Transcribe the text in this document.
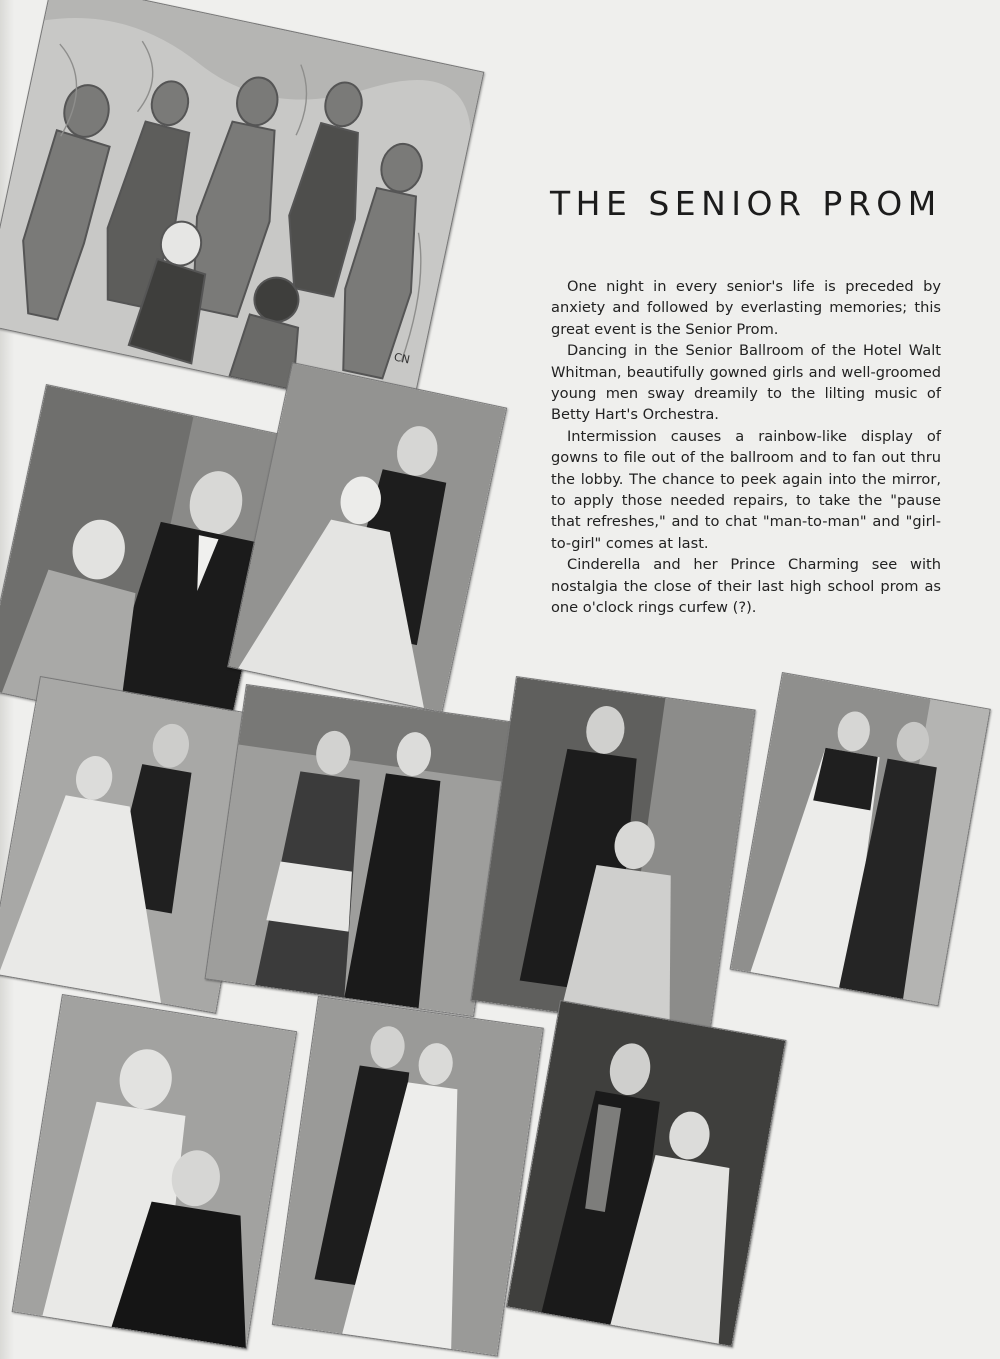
CN
THE SENIOR PROM

One night in every senior's life is preceded by anxiety and followed by everlasting memories; this great event is the Senior Prom.

Dancing in the Senior Ballroom of the Hotel Walt Whitman, beautifully gowned girls and well-groomed young men sway dreamily to the lilting music of Betty Hart's Orchestra.

Intermission causes a rainbow-like display of gowns to file out of the ballroom and to fan out thru the lobby. The chance to peek again into the mirror, to apply those needed repairs, to take the "pause that refreshes," and to chat "man-to-man" and "girl-to-girl" comes at last.

Cinderella and her Prince Charming see with nostalgia the close of their last high school prom as one o'clock rings curfew (?).
